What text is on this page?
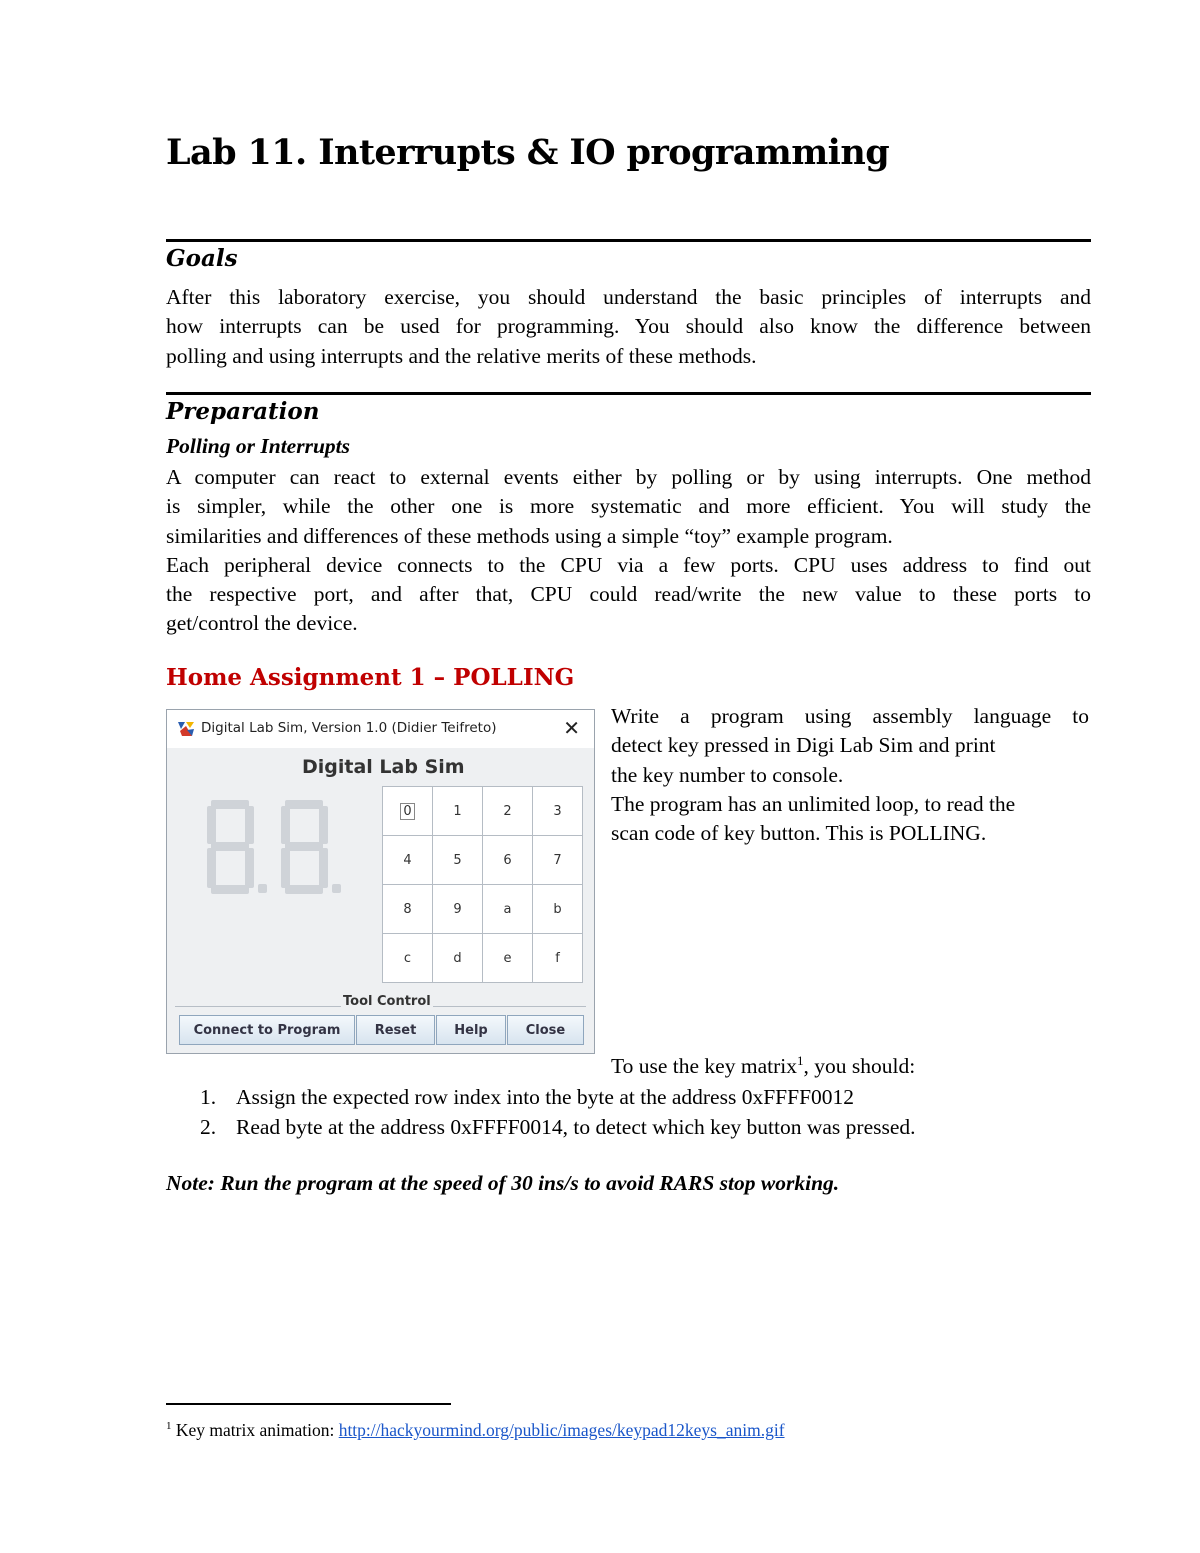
Lab 11. Interrupts & IO programming
Goals
After this laboratory exercise, you should understand the basic principles of interrupts and
how interrupts can be used for programming. You should also know the difference between
polling and using interrupts and the relative merits of these methods.
Preparation
Polling or Interrupts
A computer can react to external events either by polling or by using interrupts. One method
is simpler, while the other one is more systematic and more efficient. You will study the
similarities and differences of these methods using a simple “toy” example program.
Each peripheral device connects to the CPU via a few ports. CPU uses address to find out
the respective port, and after that, CPU could read/write the new value to these ports to
get/control the device.
Home Assignment 1 – POLLING
Digital Lab Sim, Version 1.0 (Didier Teifreto)	✕
Digital Lab Sim
0	1	2	3
4	5	6	7
8	9	a	b
c	d	e	f
Tool Control
Connect to Program	Reset	Help	Close
Write a program using assembly language to
detect key pressed in Digi Lab Sim and print
the key number to console.
The program has an unlimited loop, to read the
scan code of key button. This is POLLING.
To use the key matrix$^1$, you should:
1. Assign the expected row index into the byte at the address 0xFFFF0012
2. Read byte at the address 0xFFFF0014, to detect which key button was pressed.
Note: Run the program at the speed of 30 ins/s to avoid RARS stop working.
$^1$ Key matrix animation: http://hackyourmind.org/public/images/keypad12keys_anim.gif
